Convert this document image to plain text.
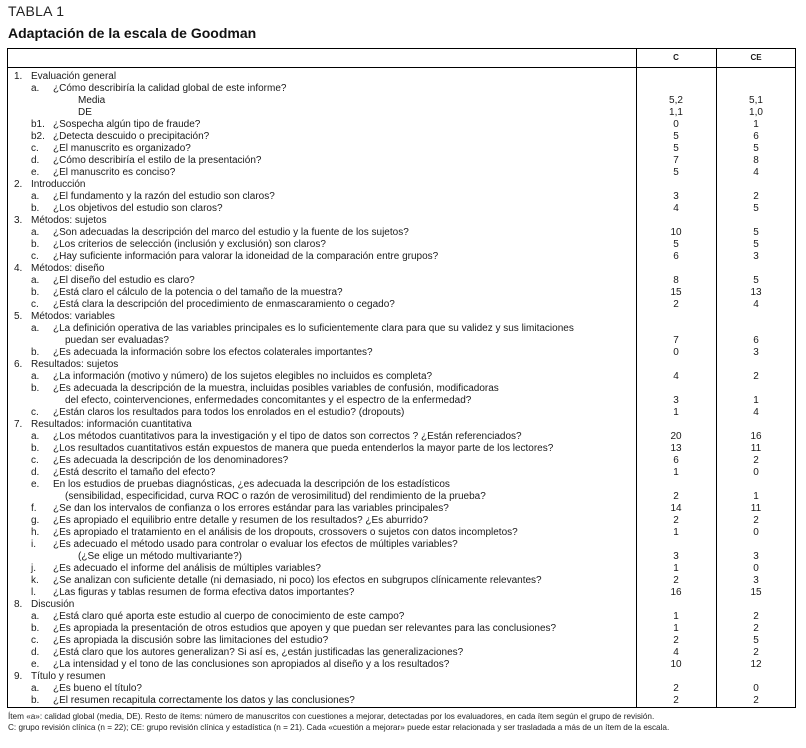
TABLA 1
Adaptación de la escala de Goodman
C	CE
1. Evaluación general
a. ¿Cómo describiría la calidad global de este informe?
Media	5,2	5,1
DE	1,1	1,0
b1. ¿Sospecha algún tipo de fraude?	0	1
b2. ¿Detecta descuido o precipitación?	5	6
c. ¿El manuscrito es organizado?	5	5
d. ¿Cómo describiría el estilo de la presentación?	7	8
e. ¿El manuscrito es conciso?	5	4
2. Introducción
a. ¿El fundamento y la razón del estudio son claros?	3	2
b. ¿Los objetivos del estudio son claros?	4	5
3. Métodos: sujetos
a. ¿Son adecuadas la descripción del marco del estudio y la fuente de los sujetos?	10	5
b. ¿Los criterios de selección (inclusión y exclusión) son claros?	5	5
c. ¿Hay suficiente información para valorar la idoneidad de la comparación entre grupos?	6	3
4. Métodos: diseño
a. ¿El diseño del estudio es claro?	8	5
b. ¿Está claro el cálculo de la potencia o del tamaño de la muestra?	15	13
c. ¿Está clara la descripción del procedimiento de enmascaramiento o cegado?	2	4
5. Métodos: variables
a. ¿La definición operativa de las variables principales es lo suficientemente clara para que su validez y sus limitaciones
puedan ser evaluadas?	7	6
b. ¿Es adecuada la información sobre los efectos colaterales importantes?	0	3
6. Resultados: sujetos
a. ¿La información (motivo y número) de los sujetos elegibles no incluidos es completa?	4	2
b. ¿Es adecuada la descripción de la muestra, incluidas posibles variables de confusión, modificadoras
del efecto, cointervenciones, enfermedades concomitantes y el espectro de la enfermedad?	3	1
c. ¿Están claros los resultados para todos los enrolados en el estudio? (dropouts)	1	4
7. Resultados: información cuantitativa
a. ¿Los métodos cuantitativos para la investigación y el tipo de datos son correctos ? ¿Están referenciados?	20	16
b. ¿Los resultados cuantitativos están expuestos de manera que pueda entenderlos la mayor parte de los lectores?	13	11
c. ¿Es adecuada la descripción de los denominadores?	6	2
d. ¿Está descrito el tamaño del efecto?	1	0
e. En los estudios de pruebas diagnósticas, ¿es adecuada la descripción de los estadísticos
(sensibilidad, especificidad, curva ROC o razón de verosimilitud) del rendimiento de la prueba?	2	1
f. ¿Se dan los intervalos de confianza o los errores estándar para las variables principales?	14	11
g. ¿Es apropiado el equilibrio entre detalle y resumen de los resultados? ¿Es aburrido?	2	2
h. ¿Es apropiado el tratamiento en el análisis de los dropouts, crossovers o sujetos con datos incompletos?	1	0
i. ¿Es adecuado el método usado para controlar o evaluar los efectos de múltiples variables?
(¿Se elige un método multivariante?)	3	3
j. ¿Es adecuado el informe del análisis de múltiples variables?	1	0
k. ¿Se analizan con suficiente detalle (ni demasiado, ni poco) los efectos en subgrupos clínicamente relevantes?	2	3
l. ¿Las figuras y tablas resumen de forma efectiva datos importantes?	16	15
8. Discusión
a. ¿Está claro qué aporta este estudio al cuerpo de conocimiento de este campo?	1	2
b. ¿Es apropiada la presentación de otros estudios que apoyen y que puedan ser relevantes para las conclusiones?	1	2
c. ¿Es apropiada la discusión sobre las limitaciones del estudio?	2	5
d. ¿Está claro que los autores generalizan? Si así es, ¿están justificadas las generalizaciones?	4	2
e. ¿La intensidad y el tono de las conclusiones son apropiados al diseño y a los resultados?	10	12
9. Título y resumen
a. ¿Es bueno el título?	2	0
b. ¿El resumen recapitula correctamente los datos y las conclusiones?	2	2
Ítem «a»: calidad global (media, DE). Resto de ítems: número de manuscritos con cuestiones a mejorar, detectadas por los evaluadores, en cada ítem según el grupo de revisión.
C: grupo revisión clínica (n = 22); CE: grupo revisión clínica y estadística (n = 21). Cada «cuestión a mejorar» puede estar relacionada y ser trasladada a más de un ítem de la escala.
